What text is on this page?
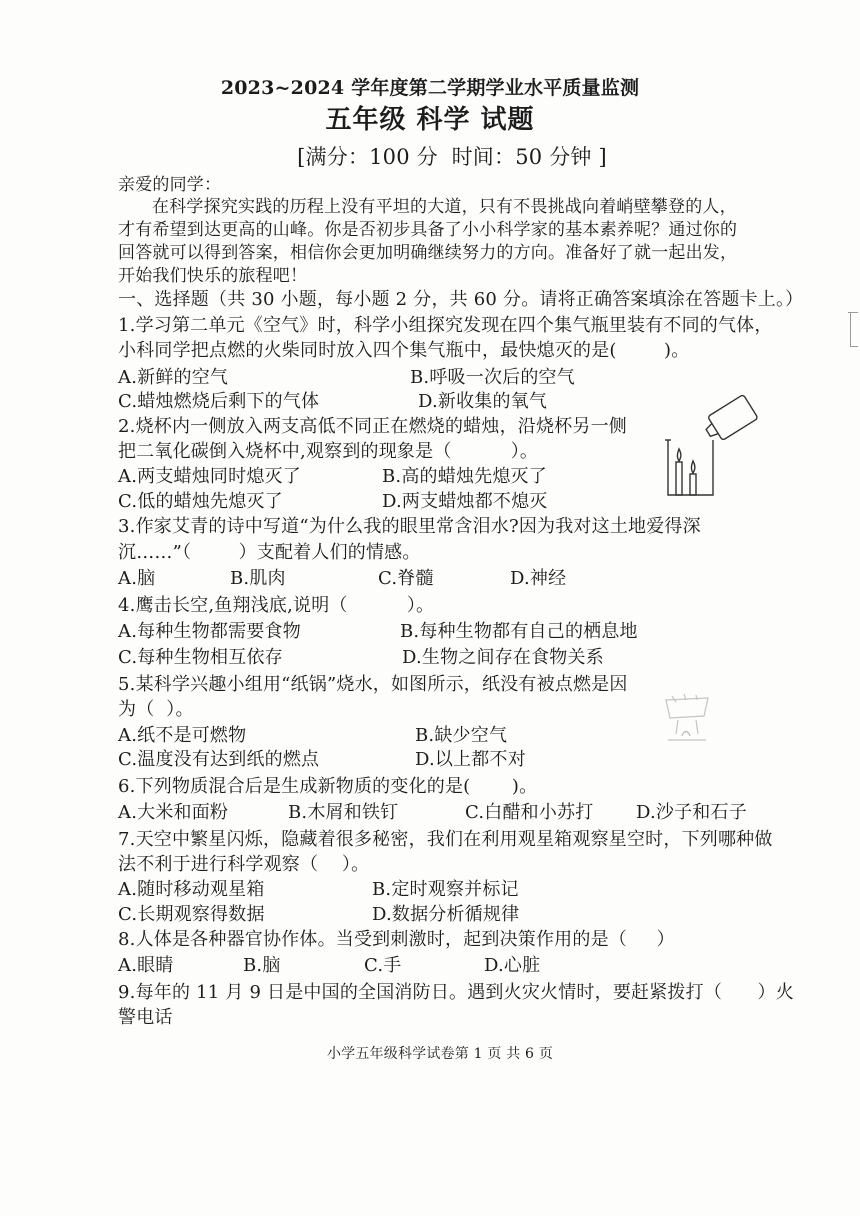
2023~2024 学年度第二学期学业水平质量监测
五年级 科学 试题
[满分：100 分  时间：50 分钟 ]
亲爱的同学：
在科学探究实践的历程上没有平坦的大道，只有不畏挑战向着峭壁攀登的人，
才有希望到达更高的山峰。你是否初步具备了小小科学家的基本素养呢？通过你的
回答就可以得到答案，相信你会更加明确继续努力的方向。准备好了就一起出发，
开始我们快乐的旅程吧！
一、选择题（共 30 小题，每小题 2 分，共 60 分。请将正确答案填涂在答题卡上。）
1.学习第二单元《空气》时，科学小组探究发现在四个集气瓶里装有不同的气体，
小科同学把点燃的火柴同时放入四个集气瓶中，最快熄灭的是(        )。
A.新鲜的空气	B.呼吸一次后的空气
C.蜡烛燃烧后剩下的气体	D.新收集的氧气
2.烧杯内一侧放入两支高低不同正在燃烧的蜡烛，沿烧杯另一侧
把二氧化碳倒入烧杯中,观察到的现象是（          ）。
A.两支蜡烛同时熄灭了	B.高的蜡烛先熄灭了
C.低的蜡烛先熄灭了	D.两支蜡烛都不熄灭
3.作家艾青的诗中写道“为什么我的眼里常含泪水?因为我对这土地爱得深
沉……”（        ）支配着人们的情感。
A.脑	B.肌肉	C.脊髓	D.神经
4.鹰击长空,鱼翔浅底,说明（          ）。
A.每种生物都需要食物	B.每种生物都有自己的栖息地
C.每种生物相互依存	D.生物之间存在食物关系
5.某科学兴趣小组用“纸锅”烧水，如图所示，纸没有被点燃是因
为（  ）。
A.纸不是可燃物	B.缺少空气
C.温度没有达到纸的燃点	D.以上都不对
6.下列物质混合后是生成新物质的变化的是(       )。
A.大米和面粉	B.木屑和铁钉	C.白醋和小苏打 D.沙子和石子
7.天空中繁星闪烁，隐藏着很多秘密，我们在利用观星箱观察星空时，下列哪种做
法不利于进行科学观察（    ）。
A.随时移动观星箱	B.定时观察并标记
C.长期观察得数据	D.数据分析循规律
8.人体是各种器官协作体。当受到刺激时，起到决策作用的是（     ）
A.眼睛	B.脑	C.手	D.心脏
9.每年的 11 月 9 日是中国的全国消防日。遇到火灾火情时，要赶紧拨打（      ）火
警电话
小学五年级科学试卷第 1 页 共 6 页
